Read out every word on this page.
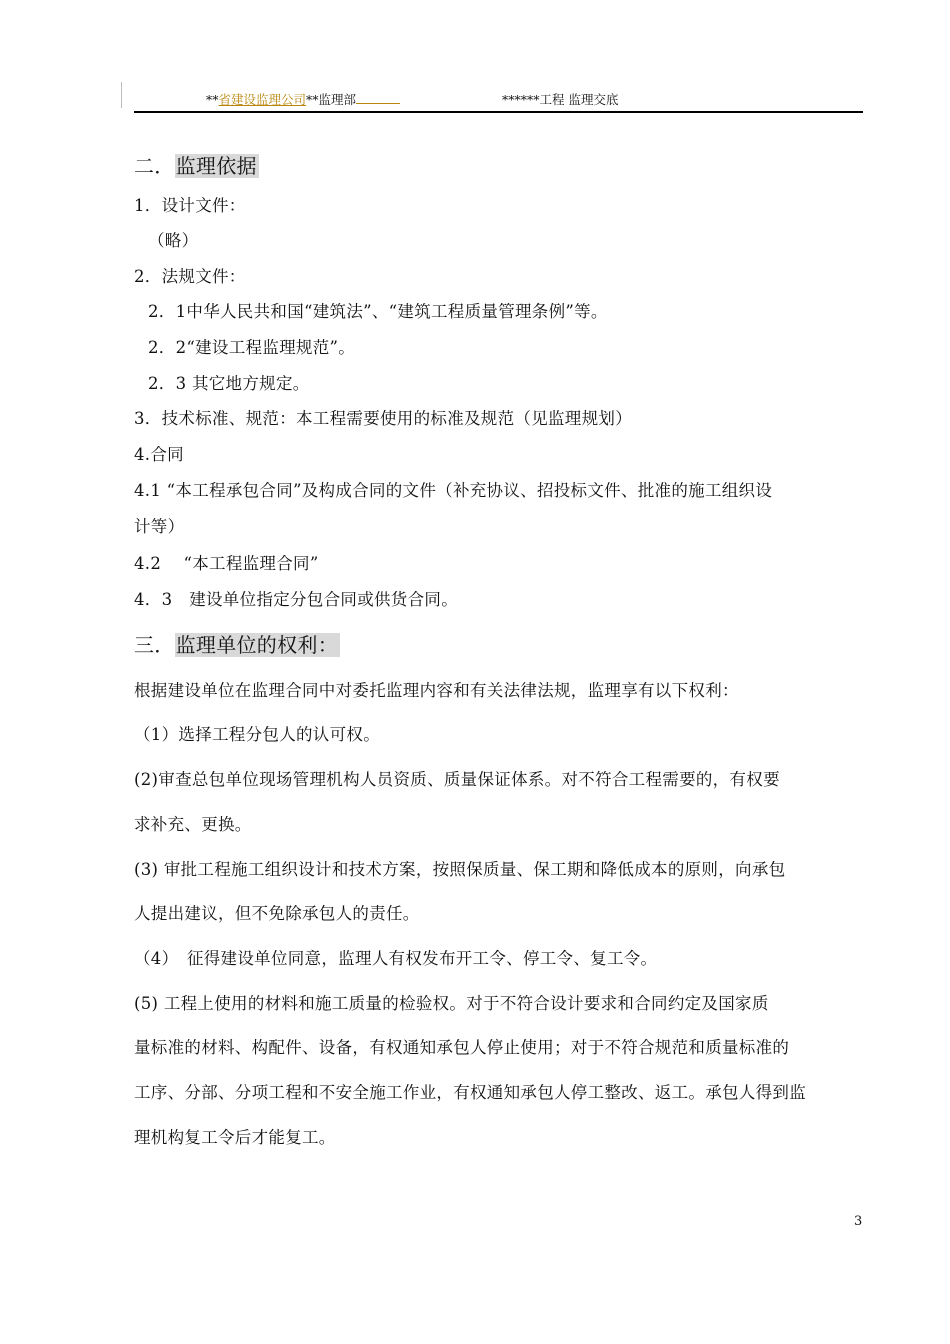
**省建设监理公司**监理部	******工程 监理交底
二．监理依据
1．设计文件：
（略）
2．法规文件：
2．1中华人民共和国“建筑法”、“建筑工程质量管理条例”等。
2．2“建设工程监理规范”。
2．3 其它地方规定。
3．技术标准、规范：本工程需要使用的标准及规范（见监理规划）
4.合同
4.1 “本工程承包合同”及构成合同的文件（补充协议、招投标文件、批准的施工组织设
计等）
4.2　 “本工程监理合同”
4．3　建设单位指定分包合同或供货合同。
三．监理单位的权利：
根据建设单位在监理合同中对委托监理内容和有关法律法规，监理享有以下权利：
（1）选择工程分包人的认可权。
(2)审查总包单位现场管理机构人员资质、质量保证体系。对不符合工程需要的，有权要
求补充、更换。
(3) 审批工程施工组织设计和技术方案，按照保质量、保工期和降低成本的原则，向承包
人提出建议，但不免除承包人的责任。
（4）　征得建设单位同意，监理人有权发布开工令、停工令、复工令。
(5) 工程上使用的材料和施工质量的检验权。对于不符合设计要求和合同约定及国家质
量标准的材料、构配件、设备，有权通知承包人停止使用；对于不符合规范和质量标准的
工序、分部、分项工程和不安全施工作业，有权通知承包人停工整改、返工。承包人得到监
理机构复工令后才能复工。
3
